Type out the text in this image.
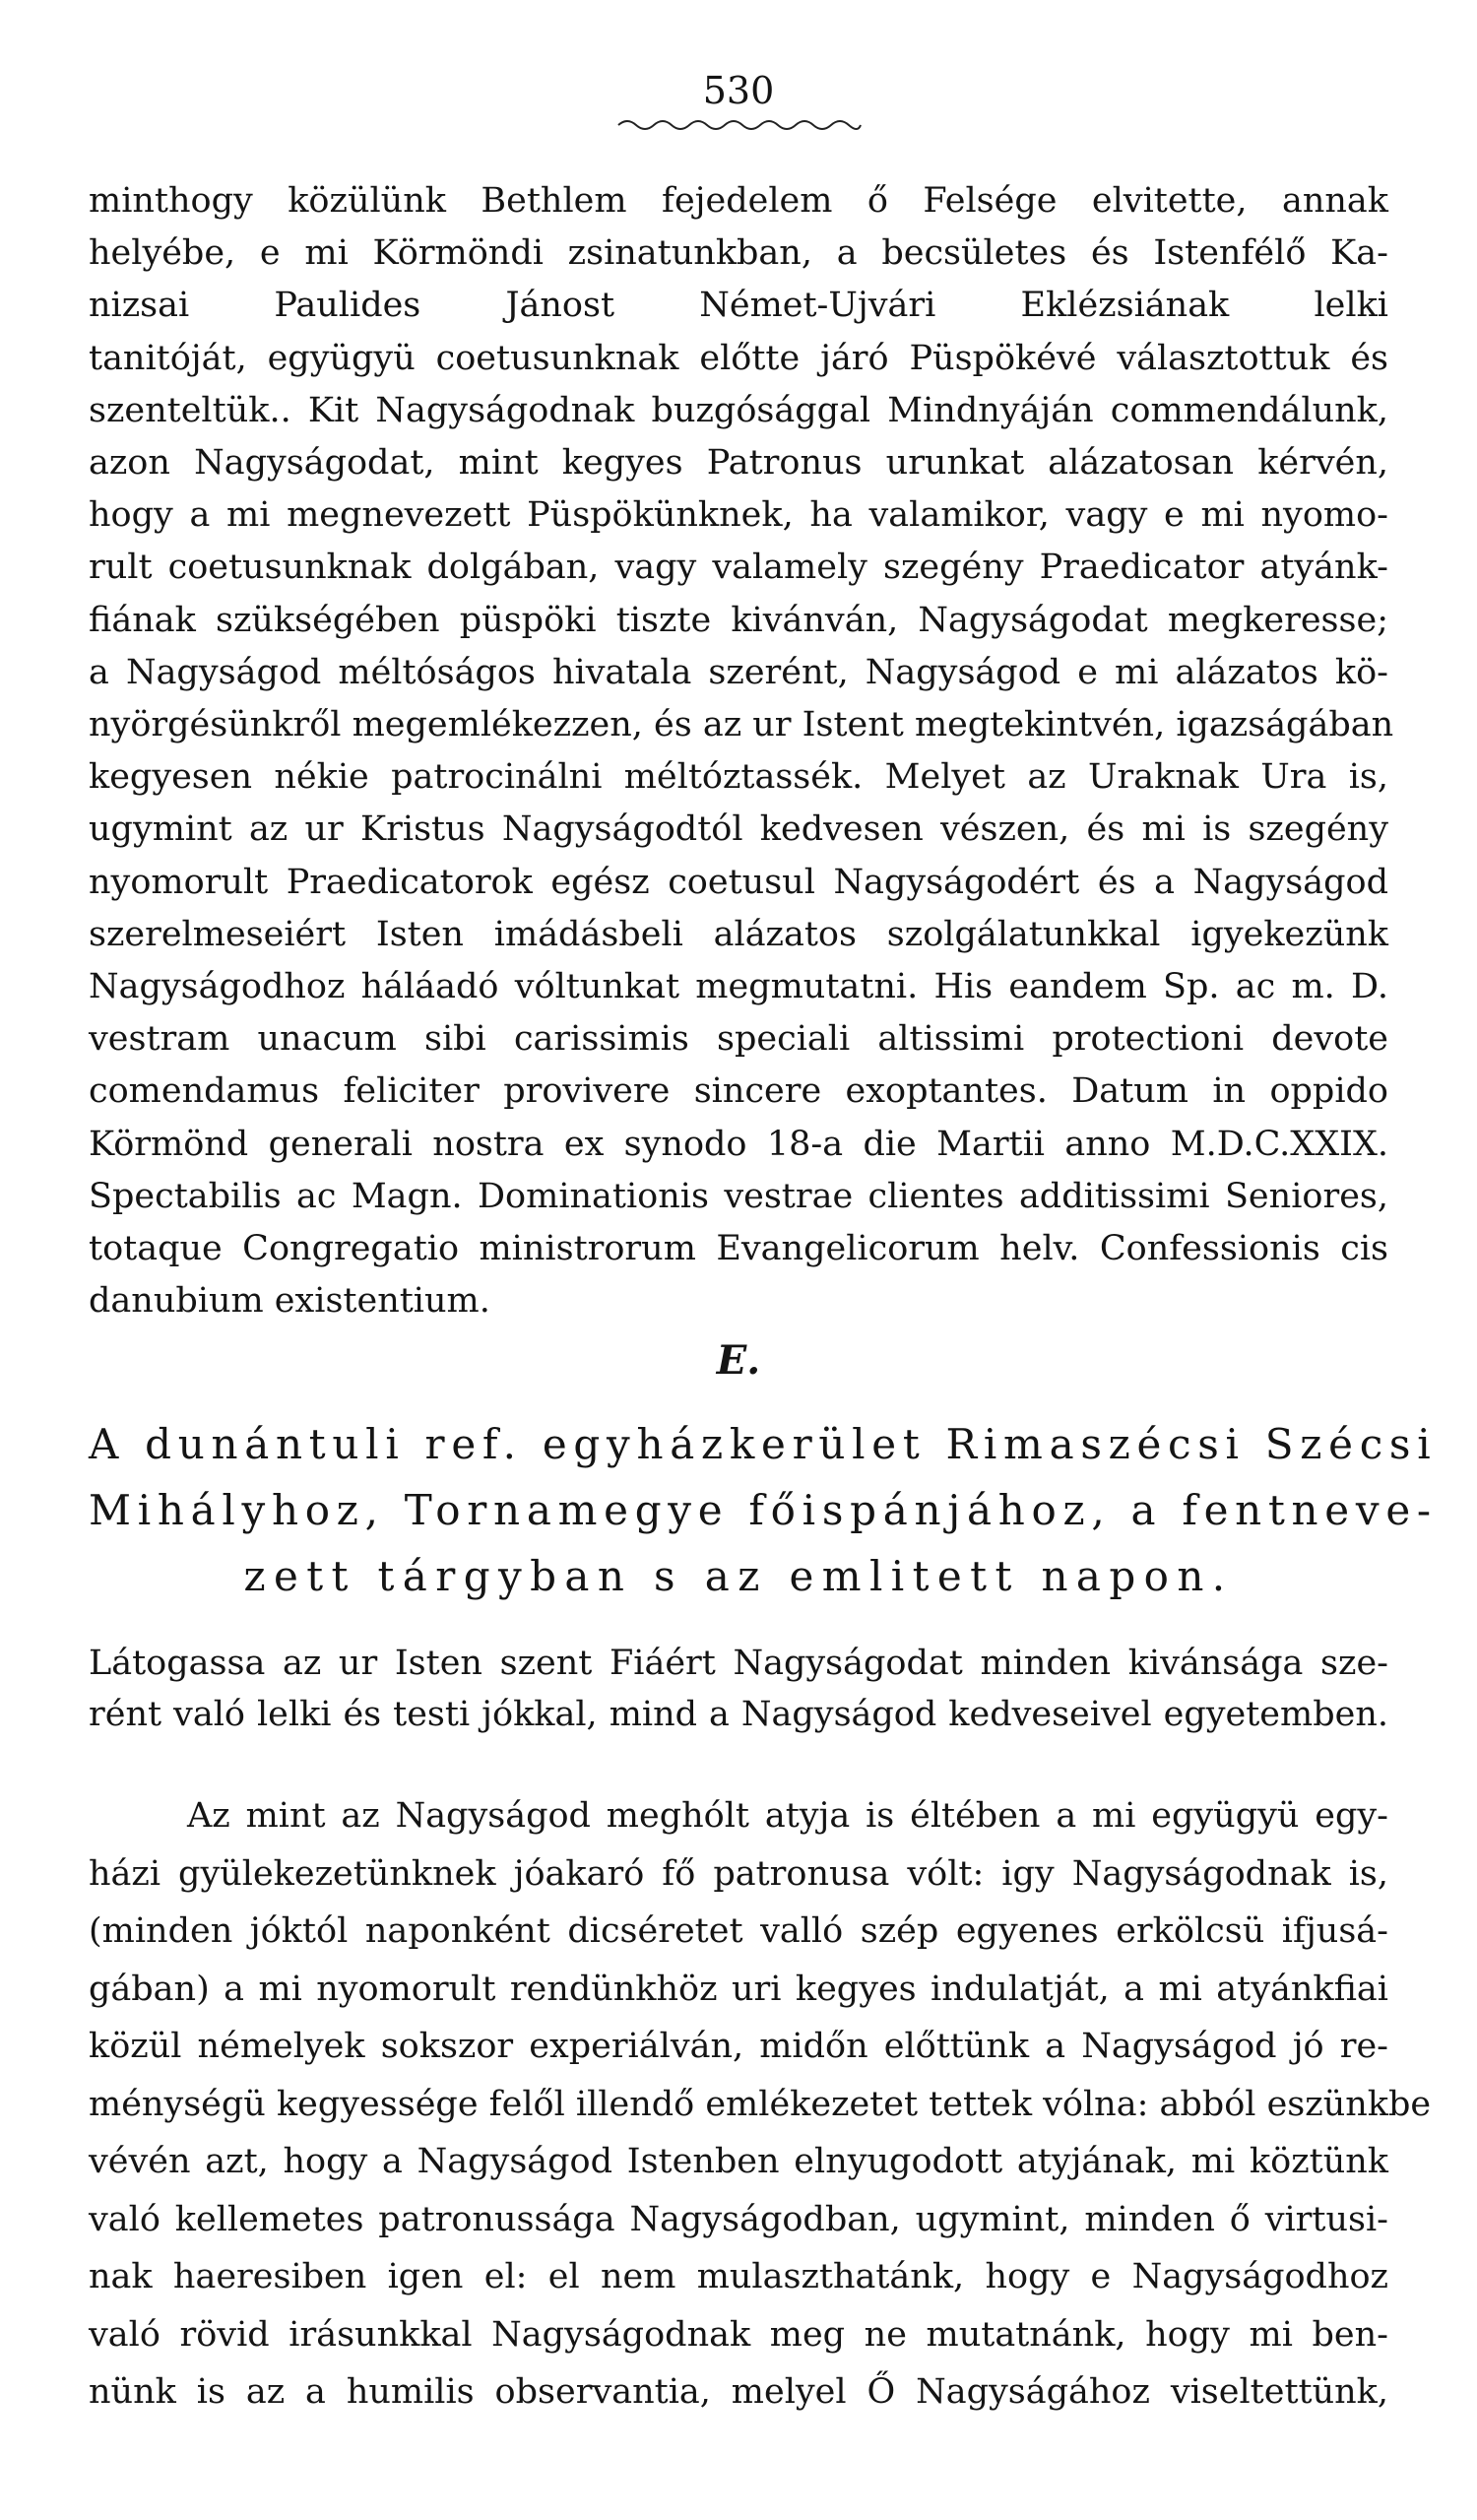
530
minthogy közülünk Bethlem fejedelem ő Felsége elvitette, annak
helyébe, e mi Körmöndi zsinatunkban, a becsületes és Istenfélő Ka-
nizsai Paulides Jánost Német-Ujvári Eklézsiának lelki
tanitóját, együgyü coetusunknak előtte járó Püspökévé választottuk és
szenteltük.. Kit Nagyságodnak buzgósággal Mindnyáján commendálunk,
azon Nagyságodat, mint kegyes Patronus urunkat alázatosan kérvén,
hogy a mi megnevezett Püspökünknek, ha valamikor, vagy e mi nyomo-
rult coetusunknak dolgában, vagy valamely szegény Praedicator atyánk-
fiának szükségében püspöki tiszte kivánván, Nagyságodat megkeresse;
a Nagyságod méltóságos hivatala szerént, Nagyságod e mi alázatos kö-
nyörgésünkről megemlékezzen, és az ur Istent megtekintvén, igazságában
kegyesen nékie patrocinálni méltóztassék. Melyet az Uraknak Ura is,
ugymint az ur Kristus Nagyságodtól kedvesen vészen, és mi is szegény
nyomorult Praedicatorok egész coetusul Nagyságodért és a Nagyságod
szerelmeseiért Isten imádásbeli alázatos szolgálatunkkal igyekezünk
Nagyságodhoz háláadó vóltunkat megmutatni. His eandem Sp. ac m. D.
vestram unacum sibi carissimis speciali altissimi protectioni devote
comendamus feliciter provivere sincere exoptantes. Datum in oppido
Körmönd generali nostra ex synodo 18-a die Martii anno M.D.C.XXIX.
Spectabilis ac Magn. Dominationis vestrae clientes additissimi Seniores,
totaque Congregatio ministrorum Evangelicorum helv. Confessionis cis
danubium existentium.
E.
A dunántuli ref. egyházkerület Rimaszécsi Szécsi
Mihályhoz, Tornamegye főispánjához, a fentneve-
zett tárgyban s az emlitett napon.
Látogassa az ur Isten szent Fiáért Nagyságodat minden kivánsága sze-
rént való lelki és testi jókkal, mind a Nagyságod kedveseivel egyetemben.
Az mint az Nagyságod meghólt atyja is éltében a mi együgyü egy-
házi gyülekezetünknek jóakaró fő patronusa vólt: igy Nagyságodnak is,
(minden jóktól naponként dicséretet valló szép egyenes erkölcsü ifjusá-
gában) a mi nyomorult rendünkhöz uri kegyes indulatját, a mi atyánkfiai
közül némelyek sokszor experiálván, midőn előttünk a Nagyságod jó re-
ménységü kegyessége felől illendő emlékezetet tettek vólna: abból eszünkbe
vévén azt, hogy a Nagyságod Istenben elnyugodott atyjának, mi köztünk
való kellemetes patronussága Nagyságodban, ugymint, minden ő virtusi-
nak haeresiben igen el: el nem mulaszthatánk, hogy e Nagyságodhoz
való rövid irásunkkal Nagyságodnak meg ne mutatnánk, hogy mi ben-
nünk is az a humilis observantia, melyel Ő Nagyságához viseltettünk,
